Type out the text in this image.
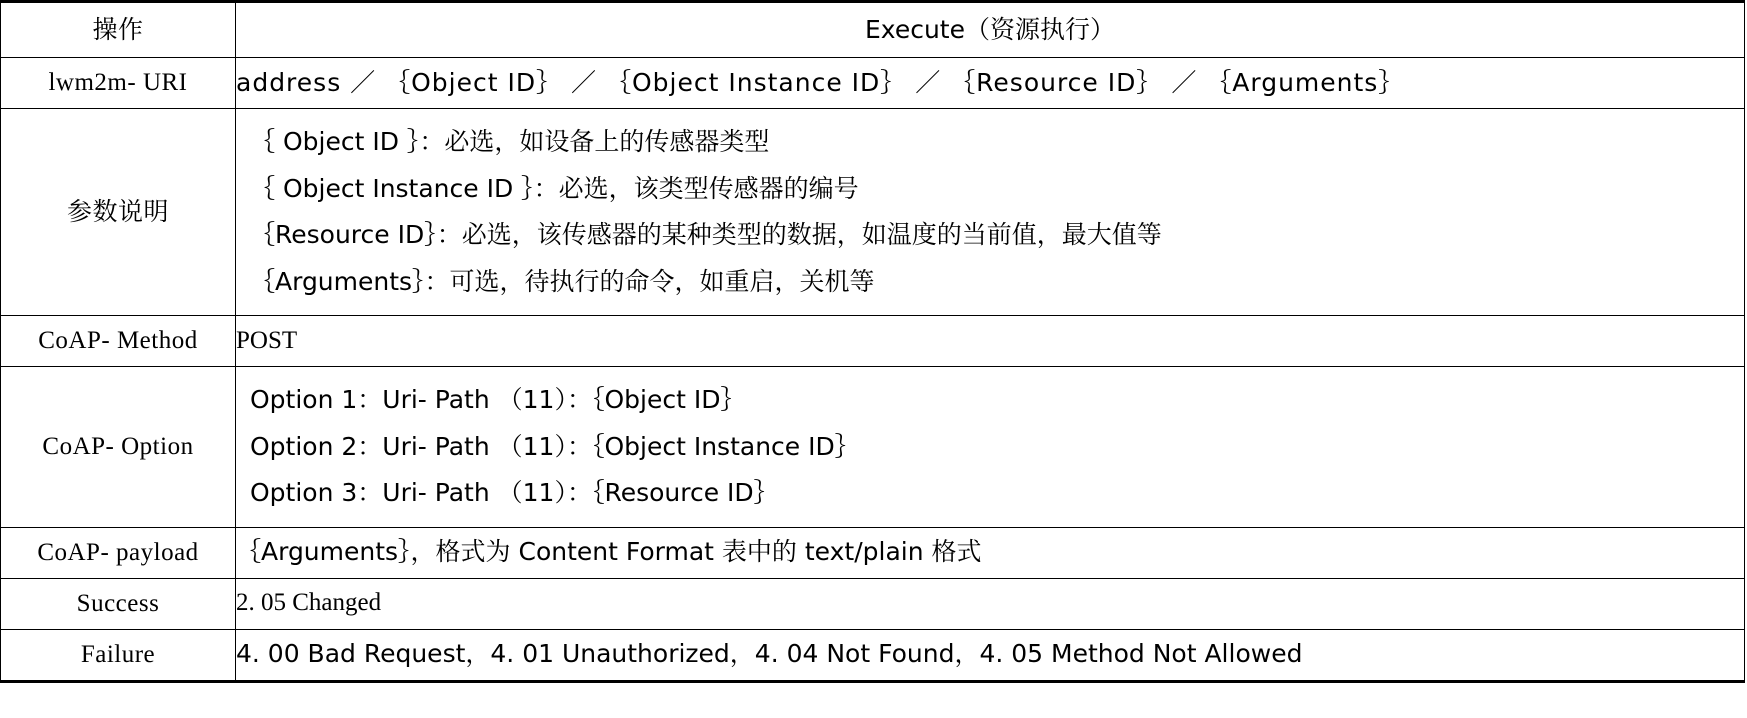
操作	Execute（资源执行）
lwm2m- URI	address ／ ｛Object ID｝ ／ ｛Object Instance ID｝ ／ ｛Resource ID｝ ／ ｛Arguments｝
参数说明	｛ Object ID ｝：必选，如设备上的传感器类型
｛ Object Instance ID ｝：必选，该类型传感器的编号
｛Resource ID｝：必选，该传感器的某种类型的数据，如温度的当前值，最大值等
｛Arguments｝：可选，待执行的命令，如重启，关机等

CoAP- Method	POST
CoAP- Option	Option 1：Uri- Path （11）：｛Object ID｝
Option 2：Uri- Path （11）：｛Object Instance ID｝
Option 3：Uri- Path （11）：｛Resource ID｝

CoAP- payload	｛Arguments｝，格式为 Content Format 表中的 text/plain 格式
Success	2. 05 Changed
Failure	4. 00 Bad Request，4. 01 Unauthorized，4. 04 Not Found，4. 05 Method Not Allowed
